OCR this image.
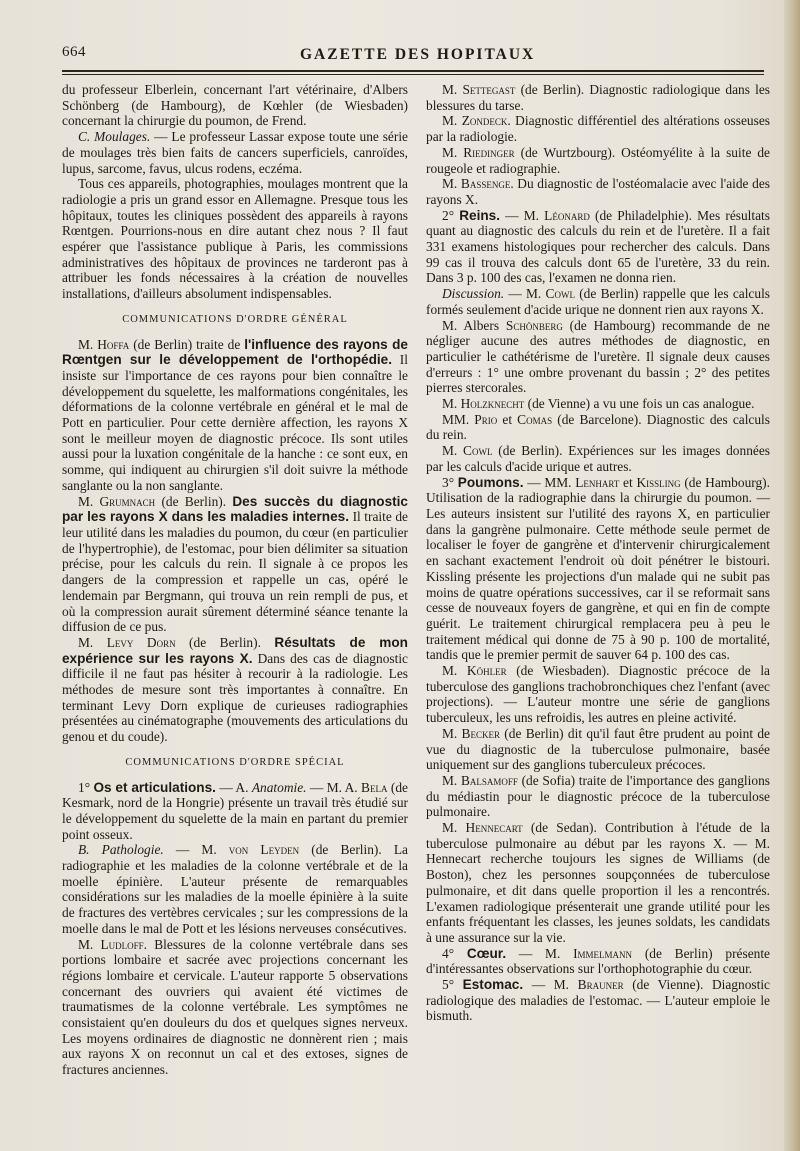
664	GAZETTE DES HOPITAUX

du professeur Elberlein, concernant l'art vétérinaire, d'Albers Schönberg (de Hambourg), de Kœhler (de Wiesbaden) concernant la chirurgie du poumon, de Frend.

C. Moulages. — Le professeur Lassar expose toute une série de moulages très bien faits de cancers superficiels, canroïdes, lupus, sarcome, favus, ulcus rodens, eczéma.

Tous ces appareils, photographies, moulages montrent que la radiologie a pris un grand essor en Allemagne. Presque tous les hôpitaux, toutes les cliniques possèdent des appareils à rayons Rœntgen. Pourrions-nous en dire autant chez nous ? Il faut espérer que l'assistance publique à Paris, les commissions administratives des hôpitaux de provinces ne tarderont pas à attribuer les fonds nécessaires à la création de nouvelles installations, d'ailleurs absolument indispensables.

COMMUNICATIONS D'ORDRE GÉNÉRAL

M. Hoffa (de Berlin) traite de l'influence des rayons de Rœntgen sur le développement de l'orthopédie. Il insiste sur l'importance de ces rayons pour bien connaître le développement du squelette, les malformations congénitales, les déformations de la colonne vertébrale en général et le mal de Pott en particulier. Pour cette dernière affection, les rayons X sont le meilleur moyen de diagnostic précoce. Ils sont utiles aussi pour la luxation congénitale de la hanche : ce sont eux, en somme, qui indiquent au chirurgien s'il doit suivre la méthode sanglante ou la non sanglante.

M. Grumnach (de Berlin). Des succès du diagnostic par les rayons X dans les maladies internes. Il traite de leur utilité dans les maladies du poumon, du cœur (en particulier de l'hypertrophie), de l'estomac, pour bien délimiter sa situation précise, pour les calculs du rein. Il signale à ce propos les dangers de la compression et rappelle un cas, opéré le lendemain par Bergmann, qui trouva un rein rempli de pus, et où la compression aurait sûrement déterminé séance tenante la diffusion de ce pus.

M. Levy Dorn (de Berlin). Résultats de mon expérience sur les rayons X. Dans des cas de diagnostic difficile il ne faut pas hésiter à recourir à la radiologie. Les méthodes de mesure sont très importantes à connaître. En terminant Levy Dorn explique de curieuses radiographies présentées au cinématographe (mouvements des articulations du genou et du coude).

COMMUNICATIONS D'ORDRE SPÉCIAL

1° Os et articulations. — A. Anatomie. — M. A. Bela (de Kesmark, nord de la Hongrie) présente un travail très étudié sur le développement du squelette de la main en partant du premier point osseux.

B. Pathologie. — M. von Leyden (de Berlin). La radiographie et les maladies de la colonne vertébrale et de la moelle épinière. L'auteur présente de remarquables considérations sur les maladies de la moelle épinière à la suite de fractures des vertèbres cervicales ; sur les compressions de la moelle dans le mal de Pott et les lésions nerveuses consécutives.

M. Ludloff. Blessures de la colonne vertébrale dans ses portions lombaire et sacrée avec projections concernant les régions lombaire et cervicale. L'auteur rapporte 5 observations concernant des ouvriers qui avaient été victimes de traumatismes de la colonne vertébrale. Les symptômes ne consistaient qu'en douleurs du dos et quelques signes nerveux. Les moyens ordinaires de diagnostic ne donnèrent rien ; mais aux rayons X on reconnut un cal et des extoses, signes de fractures anciennes.

M. Settegast (de Berlin). Diagnostic radiologique dans les blessures du tarse.

M. Zondeck. Diagnostic différentiel des altérations osseuses par la radiologie.

M. Riedinger (de Wurtzbourg). Ostéomyélite à la suite de rougeole et radiographie.

M. Bassenge. Du diagnostic de l'ostéomalacie avec l'aide des rayons X.

2° Reins. — M. Léonard (de Philadelphie). Mes résultats quant au diagnostic des calculs du rein et de l'uretère. Il a fait 331 examens histologiques pour rechercher des calculs. Dans 99 cas il trouva des calculs dont 65 de l'uretère, 33 du rein. Dans 3 p. 100 des cas, l'examen ne donna rien.

Discussion. — M. Cowl (de Berlin) rappelle que les calculs formés seulement d'acide urique ne donnent rien aux rayons X.

M. Albers Schönberg (de Hambourg) recommande de ne négliger aucune des autres méthodes de diagnostic, en particulier le cathétérisme de l'uretère. Il signale deux causes d'erreurs : 1° une ombre provenant du bassin ; 2° des petites pierres stercorales.

M. Holzknecht (de Vienne) a vu une fois un cas analogue.

MM. Prio et Comas (de Barcelone). Diagnostic des calculs du rein.

M. Cowl (de Berlin). Expériences sur les images données par les calculs d'acide urique et autres.

3° Poumons. — MM. Lenhart et Kissling (de Hambourg). Utilisation de la radiographie dans la chirurgie du poumon. — Les auteurs insistent sur l'utilité des rayons X, en particulier dans la gangrène pulmonaire. Cette méthode seule permet de localiser le foyer de gangrène et d'intervenir chirurgicalement en sachant exactement l'endroit où doit pénétrer le bistouri. Kissling présente les projections d'un malade qui ne subit pas moins de quatre opérations successives, car il se reformait sans cesse de nouveaux foyers de gangrène, et qui en fin de compte guérit. Le traitement chirurgical remplacera peu à peu le traitement médical qui donne de 75 à 90 p. 100 de mortalité, tandis que le premier permit de sauver 64 p. 100 des cas.

M. Köhler (de Wiesbaden). Diagnostic précoce de la tuberculose des ganglions trachobronchiques chez l'enfant (avec projections). — L'auteur montre une série de ganglions tuberculeux, les uns refroidis, les autres en pleine activité.

M. Becker (de Berlin) dit qu'il faut être prudent au point de vue du diagnostic de la tuberculose pulmonaire, basée uniquement sur des ganglions tuberculeux précoces.

M. Balsamoff (de Sofia) traite de l'importance des ganglions du médiastin pour le diagnostic précoce de la tuberculose pulmonaire.

M. Hennecart (de Sedan). Contribution à l'étude de la tuberculose pulmonaire au début par les rayons X. — M. Hennecart recherche toujours les signes de Williams (de Boston), chez les personnes soupçonnées de tuberculose pulmonaire, et dit dans quelle proportion il les a rencontrés. L'examen radiologique présenterait une grande utilité pour les enfants fréquentant les classes, les jeunes soldats, les candidats à une assurance sur la vie.

4° Cœur. — M. Immelmann (de Berlin) présente d'intéressantes observations sur l'orthophotographie du cœur.

5° Estomac. — M. Brauner (de Vienne). Diagnostic radiologique des maladies de l'estomac. — L'auteur emploie le bismuth.
